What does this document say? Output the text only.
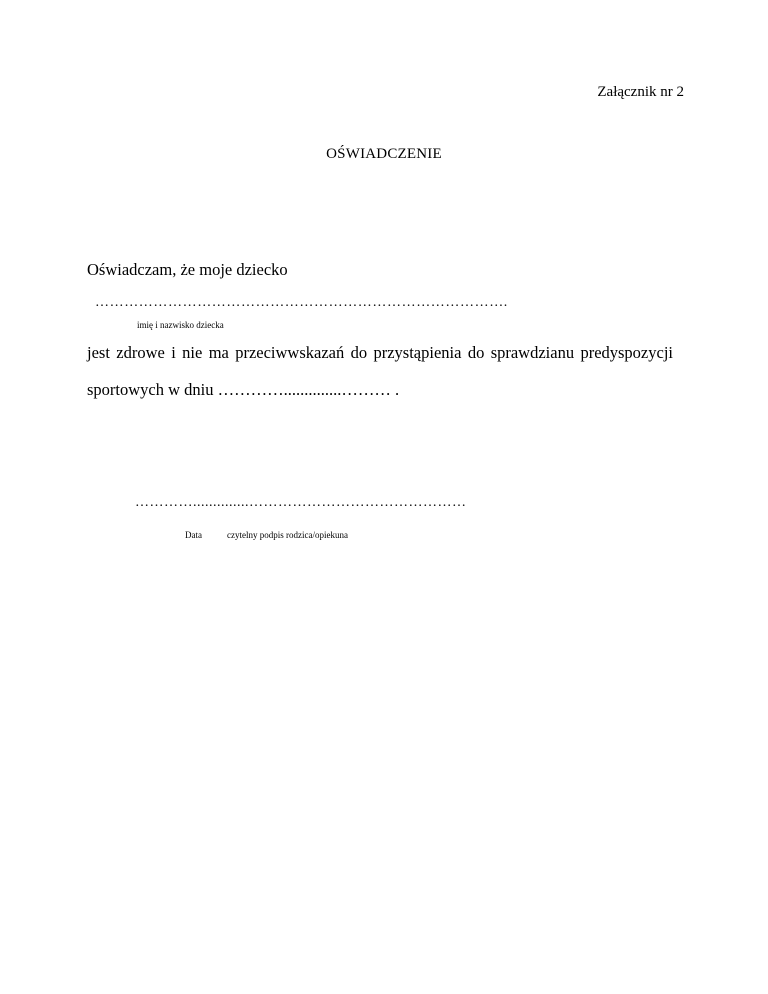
Załącznik nr 2
OŚWIADCZENIE
Oświadczam, że moje dziecko
………………………………………………………………………….
imię i nazwisko dziecka
jest zdrowe i nie ma przeciwwskazań do przystąpienia do sprawdzianu predyspozycji
sportowych w dniu …………..............……… .
…………..............………………………………………
Data	czytelny podpis rodzica/opiekuna
